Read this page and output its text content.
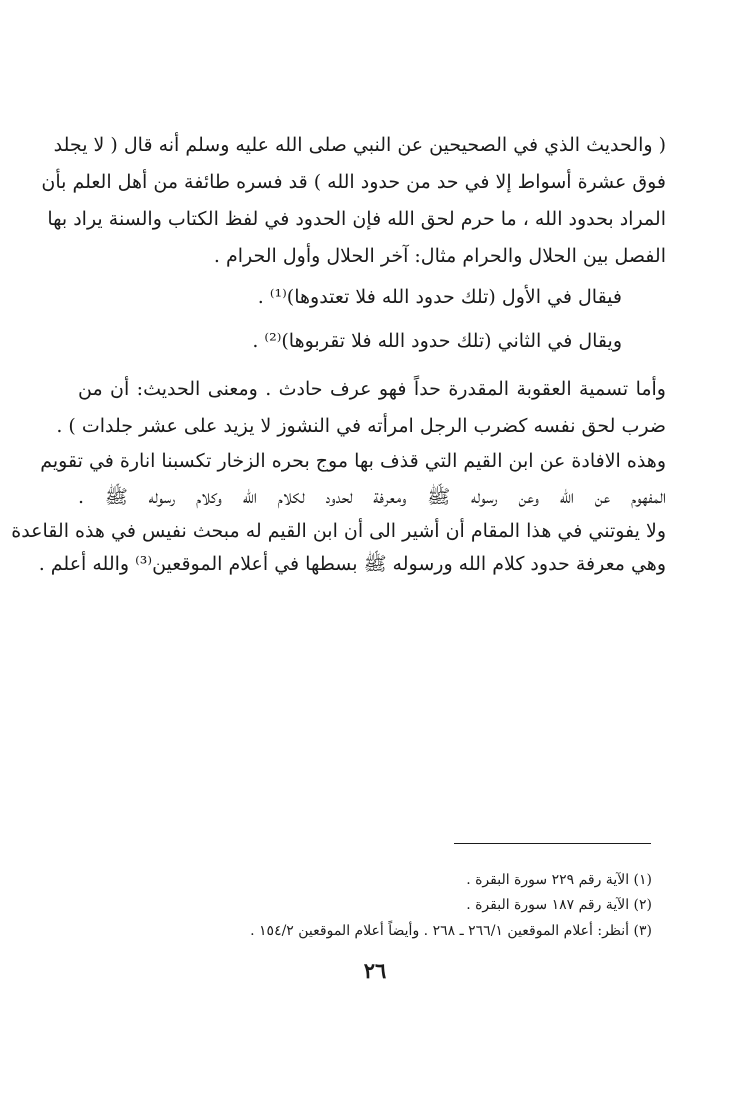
( والحديث الذي في الصحيحين عن النبي صلى الله عليه وسلم أنه قال ( لا يجلد
فوق عشرة أسواط إلا في حد من حدود الله ) قد فسره طائفة من أهل العلم بأن
المراد بحدود الله ، ما حرم لحق الله فإن الحدود في لفظ الكتاب والسنة يراد بها
الفصل بين الحلال والحرام مثال: آخر الحلال وأول الحرام .
فيقال في الأول (تلك حدود الله فلا تعتدوها)⁽¹⁾ .
ويقال في الثاني (تلك حدود الله فلا تقربوها)⁽²⁾ .
وأما تسمية العقوبة المقدرة حداً فهو عرف حادث . ومعنى الحديث: أن من
ضرب لحق نفسه كضرب الرجل امرأته في النشوز لا يزيد على عشر جلدات ) .
وهذه الافادة عن ابن القيم التي قذف بها موج بحره الزخار تكسبنا انارة في تقويم
المفهوم عن الله وعن رسوله ﷺ ومعرفة لحدود لكلام الله وكلام رسوله ﷺ .
ولا يفوتني في هذا المقام أن أشير الى أن ابن القيم له مبحث نفيس في هذه القاعدة
وهي معرفة حدود كلام الله ورسوله ﷺ بسطها في أعلام الموقعين⁽³⁾ والله أعلم .
(١) الآية رقم ٢٢٩ سورة البقرة .
(٢) الآية رقم ١٨٧ سورة البقرة .
(٣) أنظر: أعلام الموقعين ٢٦٦/١ ـ ٢٦٨ . وأيضاً أعلام الموقعين ١٥٤/٢ .
٢٦
